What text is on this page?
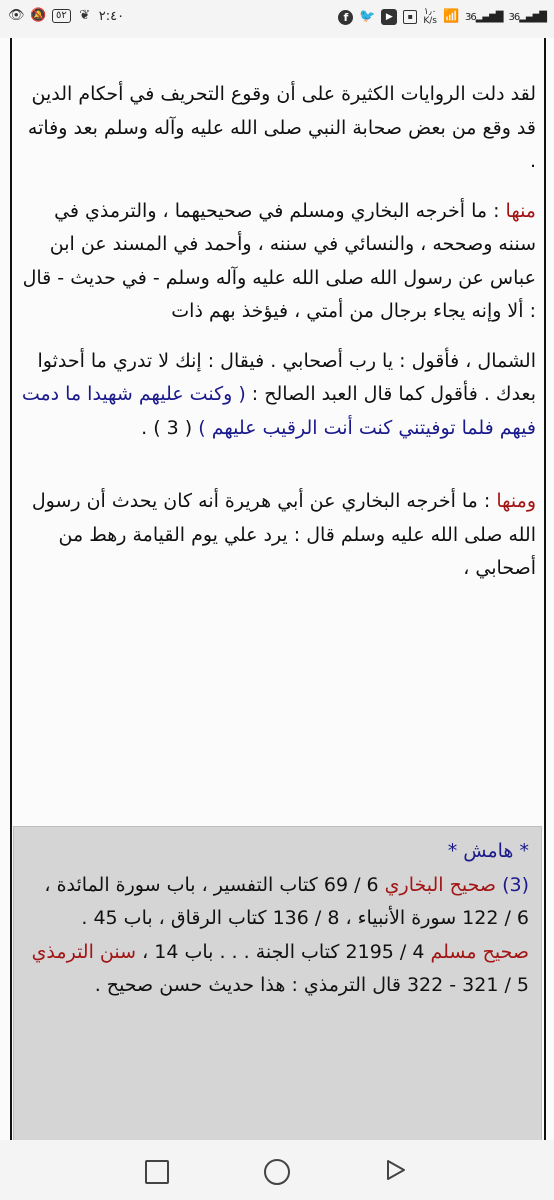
👁 🔕 ٥٢ ❦ ٢:٤٠	f 🐦	▶	▪	١٫٠
K/s 📶 36▂▄▆█ 36▂▄▆█

لقد دلت الروايات الكثيرة على أن وقوع التحريف في أحكام الدين قد وقع من بعض صحابة النبي صلى الله عليه وآله وسلم بعد وفاته .

منها : ما أخرجه البخاري ومسلم في صحيحيهما ، والترمذي في سننه وصححه ، والنسائي في سننه ، وأحمد في المسند عن ابن عباس عن رسول الله صلى الله عليه وآله وسلم - في حديث - قال : ألا وإنه يجاء برجال من أمتي ، فيؤخذ بهم ذات

الشمال ، فأقول : يا رب أصحابي . فيقال : إنك لا تدري ما أحدثوا بعدك . فأقول كما قال العبد الصالح : ( وكنت عليهم شهيدا ما دمت فيهم فلما توفيتني كنت أنت الرقيب عليهم ) ( 3 ) .

ومنها : ما أخرجه البخاري عن أبي هريرة أنه كان يحدث أن رسول الله صلى الله عليه وسلم قال : يرد علي يوم القيامة رهط من أصحابي ،

* هامش *

(3) صحيح البخاري 6 / 69 كتاب التفسير ، باب سورة المائدة ، 6 / 122 سورة الأنبياء ، 8 / 136 كتاب الرقاق ، باب 45 .

صحيح مسلم 4 / 2195 كتاب الجنة . . . باب 14 ، سنن الترمذي 5 / 321 - 322 قال الترمذي : هذا حديث حسن صحيح .
